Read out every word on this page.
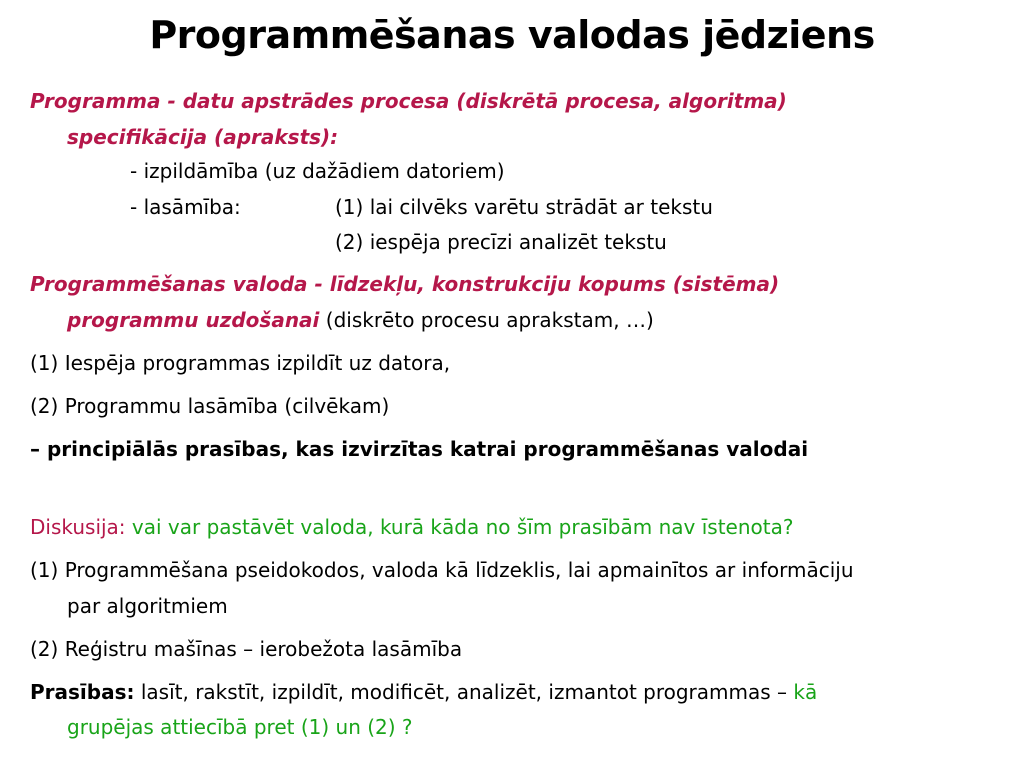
Programmēšanas valodas jēdziens
Programma - datu apstrādes procesa (diskrētā procesa, algoritma)
specifikācija (apraksts):
- izpildāmība (uz dažādiem datoriem)
- lasāmība:	(1) lai cilvēks varētu strādāt ar tekstu
(2) iespēja precīzi analizēt tekstu
Programmēšanas valoda - līdzekļu, konstrukciju kopums (sistēma)
programmu uzdošanai (diskrēto procesu aprakstam, …)
(1) Iespēja programmas izpildīt uz datora,
(2) Programmu lasāmība (cilvēkam)
– principiālās prasības, kas izvirzītas katrai programmēšanas valodai
Diskusija: vai var pastāvēt valoda, kurā kāda no šīm prasībām nav īstenota?
(1) Programmēšana pseidokodos, valoda kā līdzeklis, lai apmainītos ar informāciju
par algoritmiem
(2) Reģistru mašīnas – ierobežota lasāmība
Prasības: lasīt, rakstīt, izpildīt, modificēt, analizēt, izmantot programmas – kā
grupējas attiecībā pret (1) un (2) ?
